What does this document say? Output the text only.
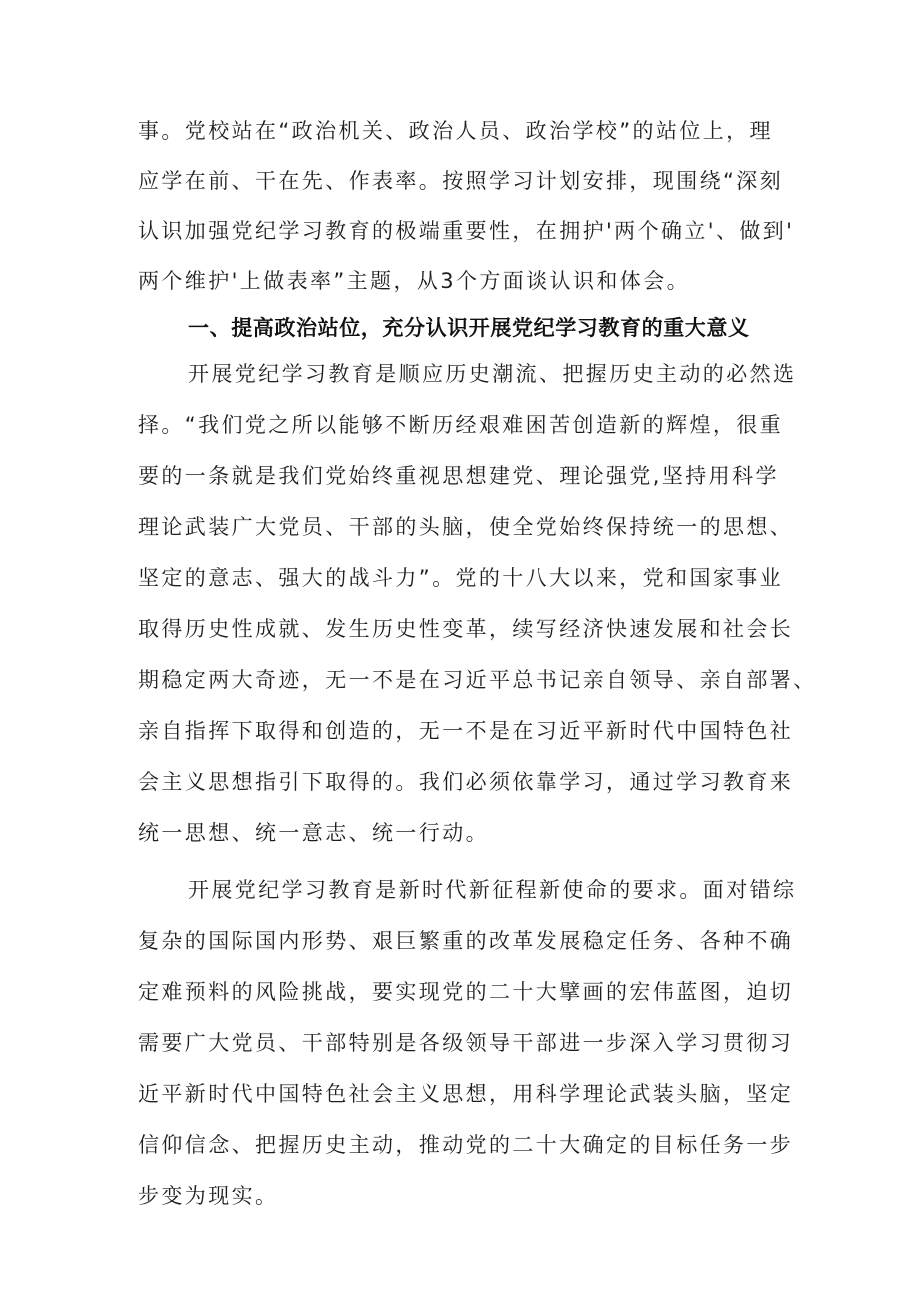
事。党校站在“政治机关、政治人员、政治学校”的站位上，理
应学在前、干在先、作表率。按照学习计划安排，现围绕“深刻
认识加强党纪学习教育的极端重要性，在拥护'两个确立'、做到'
两个维护'上做表率”主题，从3个方面谈认识和体会。
一、提高政治站位，充分认识开展党纪学习教育的重大意义
开展党纪学习教育是顺应历史潮流、把握历史主动的必然选
择。“我们党之所以能够不断历经艰难困苦创造新的辉煌，很重
要的一条就是我们党始终重视思想建党、理论强党,坚持用科学
理论武装广大党员、干部的头脑，使全党始终保持统一的思想、
坚定的意志、强大的战斗力”。党的十八大以来，党和国家事业
取得历史性成就、发生历史性变革，续写经济快速发展和社会长
期稳定两大奇迹，无一不是在习近平总书记亲自领导、亲自部署、
亲自指挥下取得和创造的，无一不是在习近平新时代中国特色社
会主义思想指引下取得的。我们必须依靠学习，通过学习教育来
统一思想、统一意志、统一行动。
开展党纪学习教育是新时代新征程新使命的要求。面对错综
复杂的国际国内形势、艰巨繁重的改革发展稳定任务、各种不确
定难预料的风险挑战，要实现党的二十大擘画的宏伟蓝图，迫切
需要广大党员、干部特别是各级领导干部进一步深入学习贯彻习
近平新时代中国特色社会主义思想，用科学理论武装头脑，坚定
信仰信念、把握历史主动，推动党的二十大确定的目标任务一步
步变为现实。
